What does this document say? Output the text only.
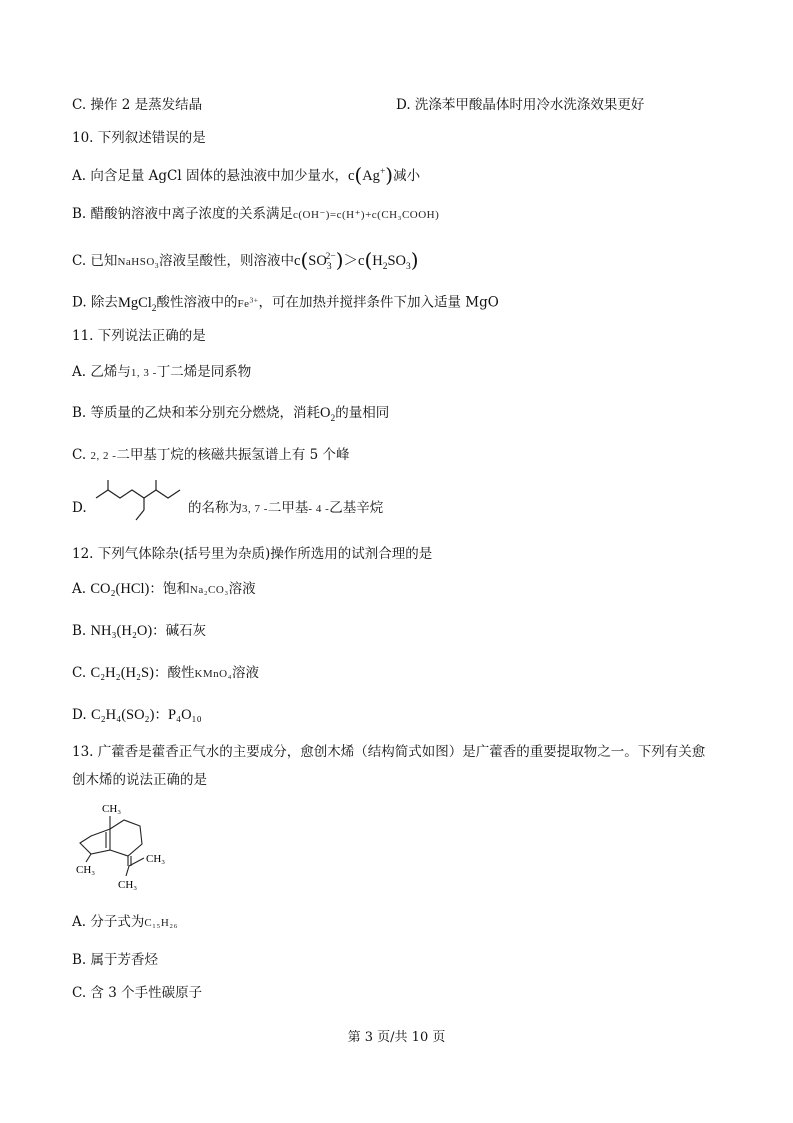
C. 操作 2 是蒸发结晶	D. 洗涤苯甲酸晶体时用冷水洗涤效果更好
10. 下列叙述错误的是
A. 向含足量 AgCl 固体的悬浊液中加少量水，c(Ag+)减小
B. 醋酸钠溶液中离子浓度的关系满足c(OH⁻)=c(H⁺)+c(CH₃COOH)
C. 已知NaHSO$_3$溶液呈酸性，则溶液中$c(SO_3^{2-})>c(H_2SO_3)$
D. 除去MgCl$_2$酸性溶液中的$Fe^{3+}$，可在加热并搅拌条件下加入适量 MgO
11. 下列说法正确的是
A. 乙烯与1, 3 -丁二烯是同系物
B. 等质量的乙炔和苯分别充分燃烧，消耗$O_2$的量相同
C. 2, 2 -二甲基丁烷的核磁共振氢谱上有 5 个峰
D.	的名称为3, 7 -二甲基- 4 -乙基辛烷
12. 下列气体除杂(括号里为杂质)操作所选用的试剂合理的是
A. CO₂(HCl)：饱和Na₂CO₃溶液
B. NH₃(H₂O)：碱石灰
C. C₂H₂(H₂S)：酸性KMnO₄溶液
D. C₂H₄(SO₂)：P₄O₁₀
13. 广藿香是藿香正气水的主要成分，愈创木烯（结构简式如图）是广藿香的重要提取物之一。下列有关愈
创木烯的说法正确的是
CH₃
CH₃
CH₃
CH₃
A. 分子式为C₁₅H₂₆
B. 属于芳香烃
C. 含 3 个手性碳原子
第 3 页/共 10 页
